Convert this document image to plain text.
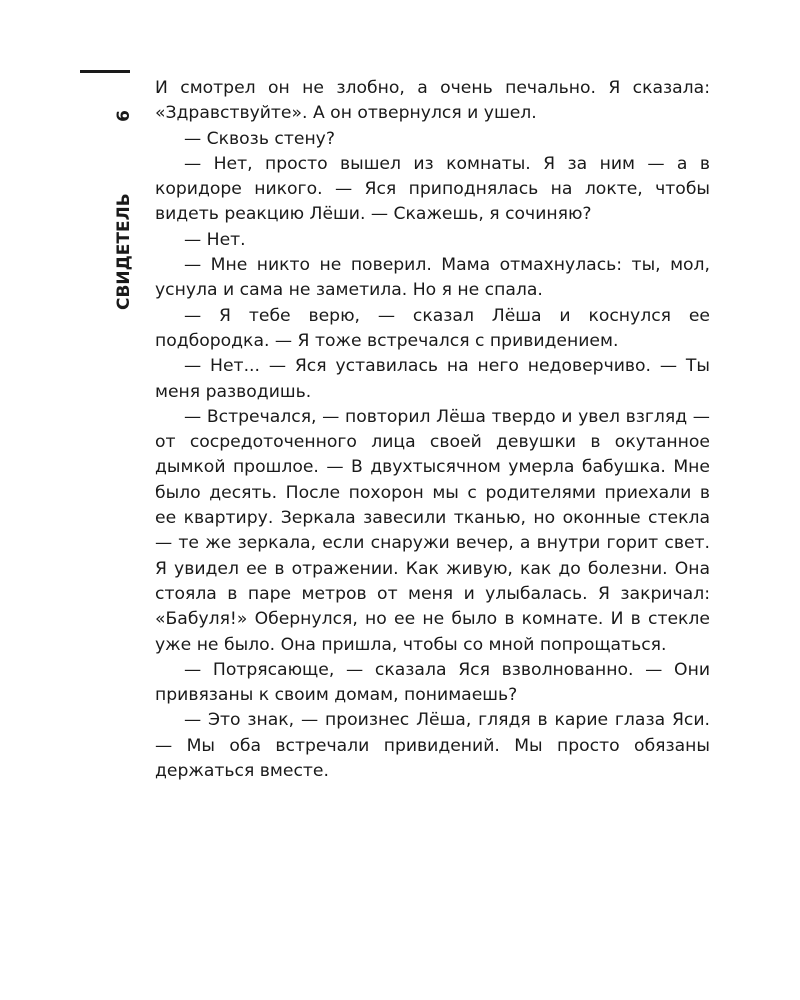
СВИДЕТЕЛЬ
6

И смотрел он не злобно, а очень печально. Я сказала: «Здравствуйте». А он отвернулся и ушел.

— Сквозь стену?

— Нет, просто вышел из комнаты. Я за ним — а в коридоре никого. — Яся приподнялась на локте, чтобы видеть реакцию Лёши. — Скажешь, я сочиняю?

— Нет.

— Мне никто не поверил. Мама отмахнулась: ты, мол, уснула и сама не заметила. Но я не спала.

— Я тебе верю, — сказал Лёша и коснулся ее подбородка. — Я тоже встречался с привидением.

— Нет... — Яся уставилась на него недоверчиво. — Ты меня разводишь.

— Встречался, — повторил Лёша твердо и увел взгляд — от сосредоточенного лица своей девушки в окутанное дымкой прошлое. — В двухтысячном умерла бабушка. Мне было десять. После похорон мы с родителями приехали в ее квартиру. Зеркала завесили тканью, но оконные стекла — те же зеркала, если снаружи вечер, а внутри горит свет. Я увидел ее в отражении. Как живую, как до болезни. Она стояла в паре метров от меня и улыбалась. Я закричал: «Бабуля!» Обернулся, но ее не было в комнате. И в стекле уже не было. Она пришла, чтобы со мной попрощаться.

— Потрясающе, — сказала Яся взволнованно. — Они привязаны к своим домам, понимаешь?

— Это знак, — произнес Лёша, глядя в карие глаза Яси. — Мы оба встречали привидений. Мы просто обязаны держаться вместе.
